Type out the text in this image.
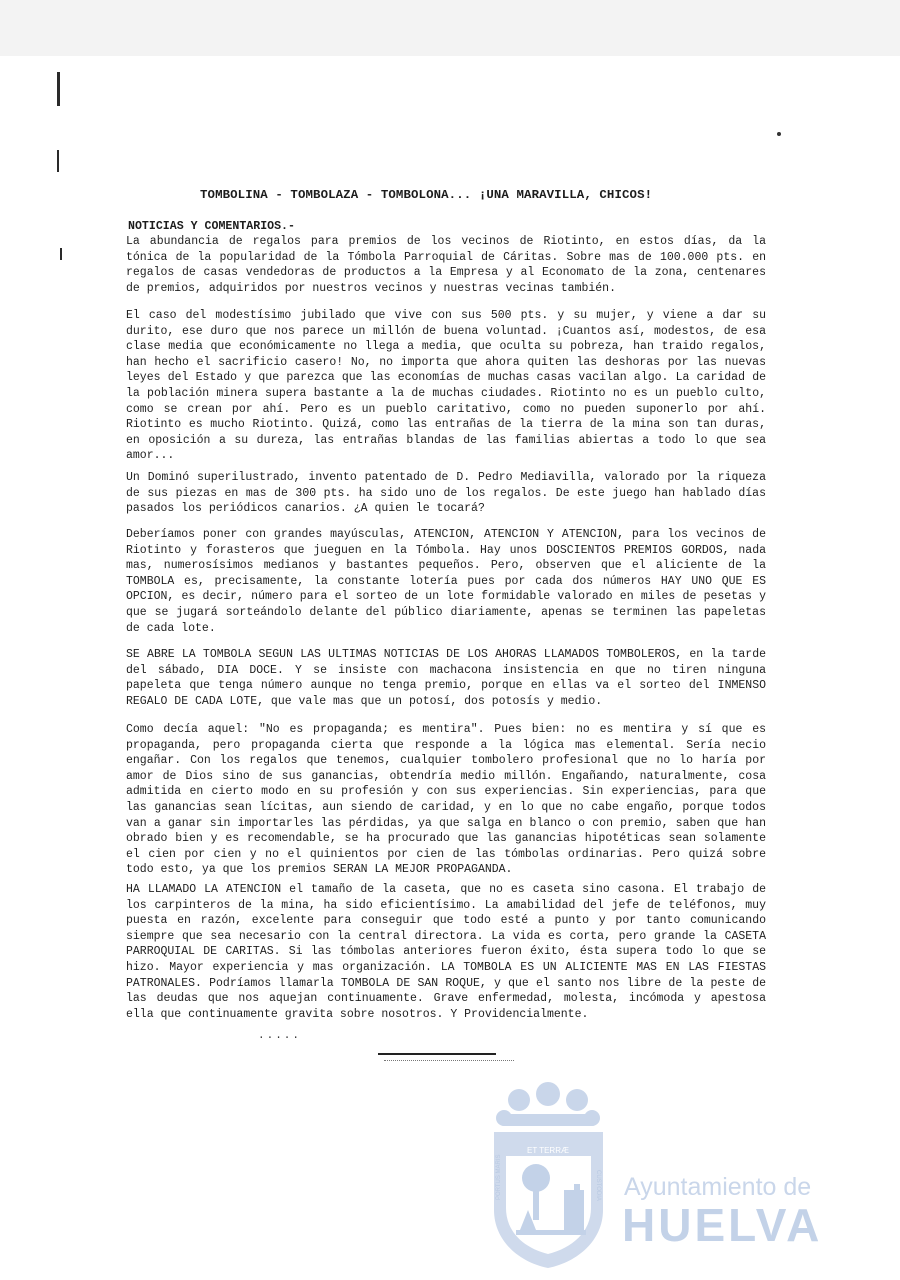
TOMBOLINA - TOMBOLAZA - TOMBOLONA... ¡UNA MARAVILLA, CHICOS!
NOTICIAS Y COMENTARIOS.-
La abundancia de regalos para premios de los vecinos de Riotinto, en estos días, da la tónica de la popularidad de la Tómbola Parroquial de Cáritas. Sobre mas de 100.000 pts. en regalos de casas vendedoras de productos a la Empresa y al Economato de la zona, centenares de premios, adquiridos por nuestros vecinos y nuestras vecinas también.
El caso del modestísimo jubilado que vive con sus 500 pts. y su mujer, y viene a dar su durito, ese duro que nos parece un millón de buena voluntad. ¡Cuantos así, modestos, de esa clase media que económicamente no llega a media, que oculta su pobreza, han traido regalos, han hecho el sacrificio casero! No, no importa que ahora quiten las deshoras por las nuevas leyes del Estado y que parezca que las economías de muchas casas vacilan algo. La caridad de la población minera supera bastante a la de muchas ciudades. Riotinto no es un pueblo culto, como se crean por ahí. Pero es un pueblo caritativo, como no pueden suponerlo por ahí. Riotinto es mucho Riotinto. Quizá, como las entrañas de la tierra de la mina son tan duras, en oposición a su dureza, las entrañas blandas de las familias abiertas a todo lo que sea amor...
Un Dominó superilustrado, invento patentado de D. Pedro Mediavilla, valorado por la riqueza de sus piezas en mas de 300 pts. ha sido uno de los regalos. De este juego han hablado días pasados los periódicos canarios. ¿A quien le tocará?
Deberíamos poner con grandes mayúsculas, ATENCION, ATENCION Y ATENCION, para los vecinos de Riotinto y forasteros que jueguen en la Tómbola. Hay unos DOSCIENTOS PREMIOS GORDOS, nada mas, numerosísimos medianos y bastantes pequeños. Pero, observen que el aliciente de la TOMBOLA es, precisamente, la constante lotería pues por cada dos números HAY UNO QUE ES OPCION, es decir, número para el sorteo de un lote formidable valorado en miles de pesetas y que se jugará sorteándolo delante del público diariamente, apenas se terminen las papeletas de cada lote.
SE ABRE LA TOMBOLA SEGUN LAS ULTIMAS NOTICIAS DE LOS AHORAS LLAMADOS TOMBOLEROS, en la tarde del sábado, DIA DOCE. Y se insiste con machacona insistencia en que no tiren ninguna papeleta que tenga número aunque no tenga premio, porque en ellas va el sorteo del INMENSO REGALO DE CADA LOTE, que vale mas que un potosí, dos potosís y medio.
Como decía aquel: "No es propaganda; es mentira". Pues bien: no es mentira y sí que es propaganda, pero propaganda cierta que responde a la lógica mas elemental. Sería necio engañar. Con los regalos que tenemos, cualquier tombolero profesional que no lo haría por amor de Dios sino de sus ganancias, obtendría medio millón. Engañando, naturalmente, cosa admitida en cierto modo en su profesión y con sus experiencias. Sin experiencias, para que las ganancias sean lícitas, aun siendo de caridad, y en lo que no cabe engaño, porque todos van a ganar sin importarles las pérdidas, ya que salga en blanco o con premio, saben que han obrado bien y es recomendable, se ha procurado que las ganancias hipotéticas sean solamente el cien por cien y no el quinientos por cien de las tómbolas ordinarias. Pero quizá sobre todo esto, ya que los premios SERAN LA MEJOR PROPAGANDA.
HA LLAMADO LA ATENCION el tamaño de la caseta, que no es caseta sino casona. El trabajo de los carpinteros de la mina, ha sido eficientísimo. La amabilidad del jefe de teléfonos, muy puesta en razón, excelente para conseguir que todo esté a punto y por tanto comunicando siempre que sea necesario con la central directora. La vida es corta, pero grande la CASETA PARROQUIAL DE CARITAS. Si las tómbolas anteriores fueron éxito, ésta supera todo lo que se hizo. Mayor experiencia y mas organización. LA TOMBOLA ES UN ALICIENTE MAS EN LAS FIESTAS PATRONALES. Podríamos llamarla TOMBOLA DE SAN ROQUE, y que el santo nos libre de la peste de las deudas que nos aquejan continuamente. Grave enfermedad, molesta, incómoda y apestosa ella que continuamente gravita sobre nosotros. Y Providencialmente.
.....
ET TERRÆ
PORTUS MARIS	CUSTODIA Ayuntamiento de
HUELVA
